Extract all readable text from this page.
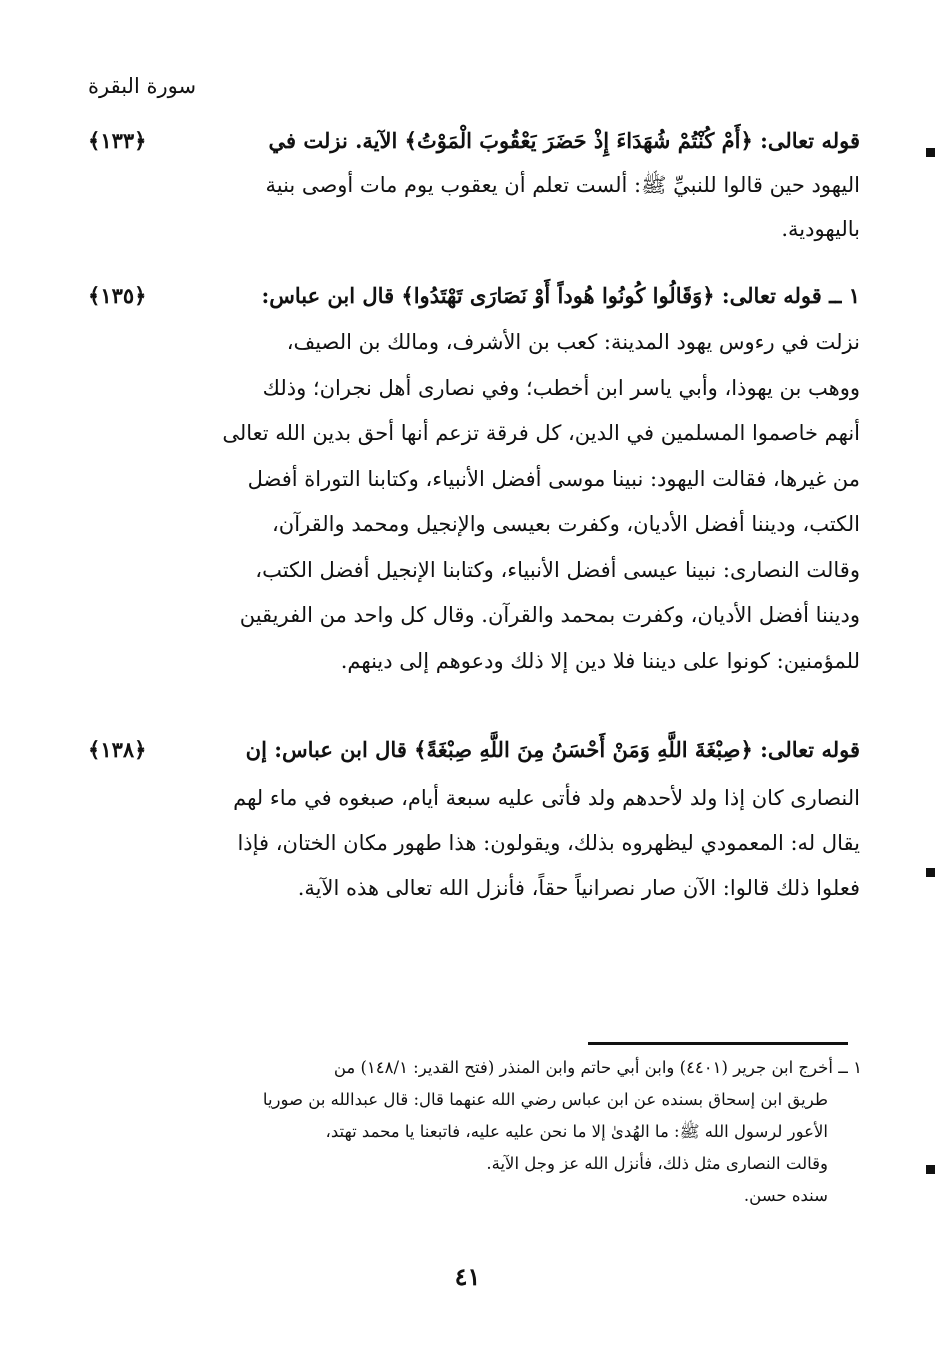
سورة البقرة
قوله تعالى: ﴿أَمْ كُنْتُمْ شُهَدَاءَ إِذْ حَضَرَ يَعْقُوبَ الْمَوْتُ﴾ الآية. نزلت في
﴿١٣٣﴾
اليهود حين قالوا للنبيِّ ﷺ: ألست تعلم أن يعقوب يوم مات أوصى بنية
باليهودية.
١ ــ قوله تعالى: ﴿وَقَالُوا كُونُوا هُوداً أَوْ نَصَارَى تَهْتَدُوا﴾ قال ابن عباس:
﴿١٣٥﴾
نزلت في رءوس يهود المدينة: كعب بن الأشرف، ومالك بن الصيف،
ووهب بن يهوذا، وأبي ياسر ابن أخطب؛ وفي نصارى أهل نجران؛ وذلك
أنهم خاصموا المسلمين في الدين، كل فرقة تزعم أنها أحق بدين الله تعالى
من غيرها، فقالت اليهود: نبينا موسى أفضل الأنبياء، وكتابنا التوراة أفضل
الكتب، وديننا أفضل الأديان، وكفرت بعيسى والإنجيل ومحمد والقرآن،
وقالت النصارى: نبينا عيسى أفضل الأنبياء، وكتابنا الإنجيل أفضل الكتب،
وديننا أفضل الأديان، وكفرت بمحمد والقرآن. وقال كل واحد من الفريقين
للمؤمنين: كونوا على ديننا فلا دين إلا ذلك ودعوهم إلى دينهم.
قوله تعالى: ﴿صِبْغَةَ اللَّهِ وَمَنْ أَحْسَنُ مِنَ اللَّهِ صِبْغَةً﴾ قال ابن عباس: إن
﴿١٣٨﴾
النصارى كان إذا ولد لأحدهم ولد فأتى عليه سبعة أيام، صبغوه في ماء لهم
يقال له: المعمودي ليظهروه بذلك، ويقولون: هذا طهور مكان الختان، فإذا
فعلوا ذلك قالوا: الآن صار نصرانياً حقاً، فأنزل الله تعالى هذه الآية.
١ ــ أخرج ابن جرير (٤٤٠١) وابن أبي حاتم وابن المنذر (فتح القدير: ١٤٨/١) من
طريق ابن إسحاق بسنده عن ابن عباس رضي الله عنهما قال: قال عبدالله بن صوريا
الأعور لرسول الله ﷺ: ما الهُدىٰ إلا ما نحن عليه عليه، فاتبعنا يا محمد تهتد،
وقالت النصارى مثل ذلك، فأنزل الله عز وجل الآية.
سنده حسن.
٤١
